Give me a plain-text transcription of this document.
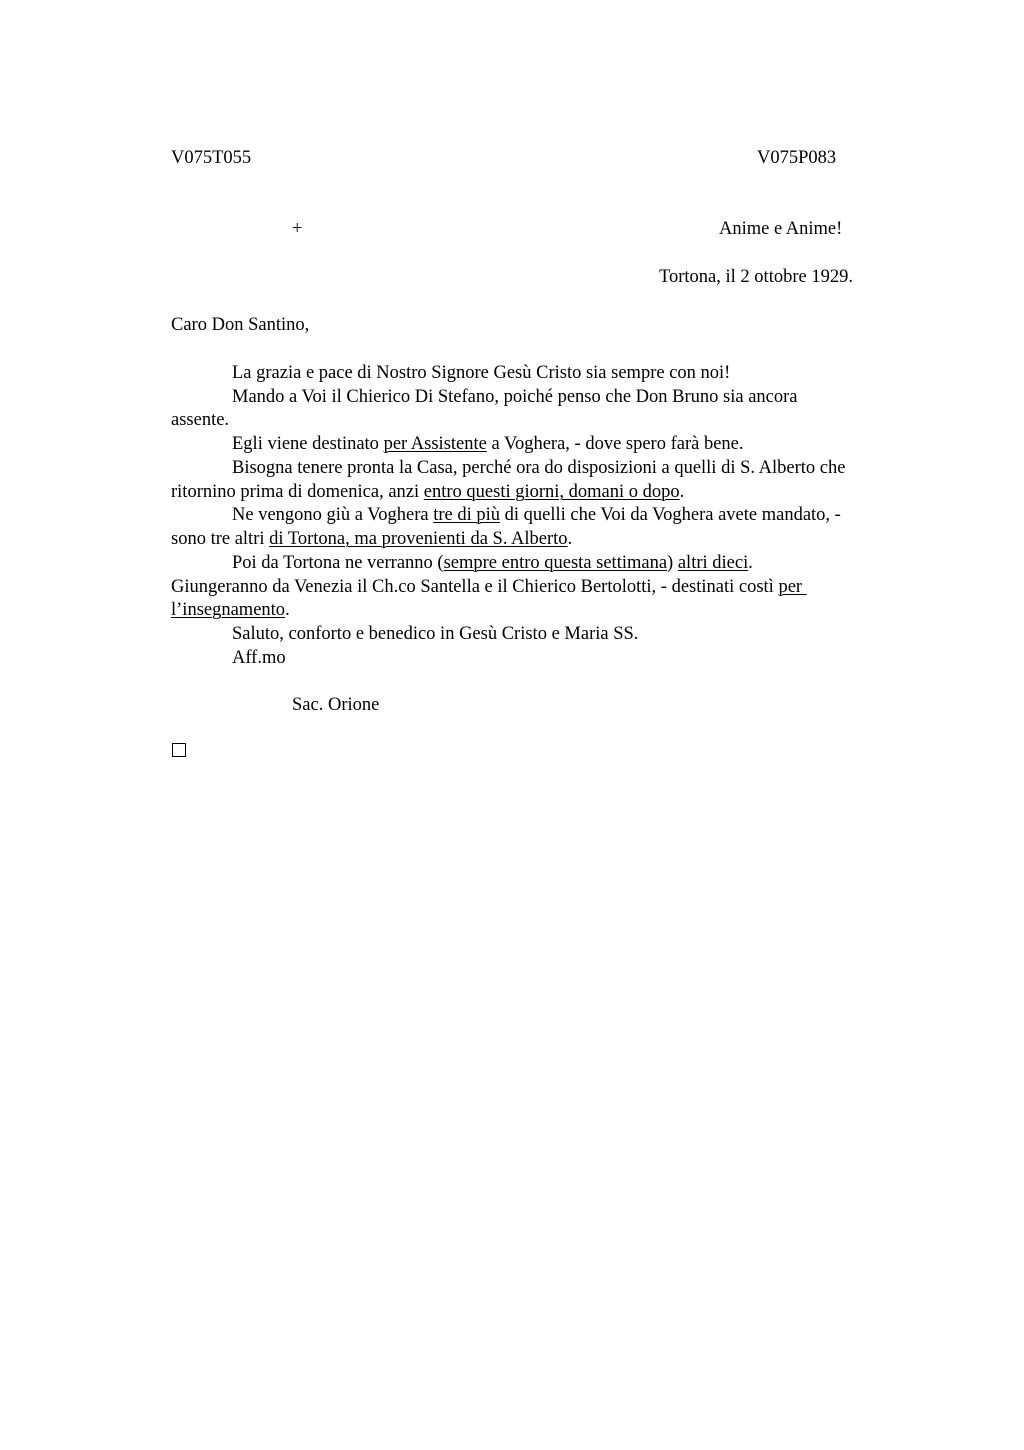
V075T055	V075P083
+	Anime e Anime!
Tortona, il 2 ottobre 1929.
Caro Don Santino,
La grazia e pace di Nostro Signore Gesù Cristo sia sempre con noi!
Mando a Voi il Chierico Di Stefano, poiché penso che Don Bruno sia ancora
assente.
Egli viene destinato per Assistente a Voghera, - dove spero farà bene.
Bisogna tenere pronta la Casa, perché ora do disposizioni a quelli di S. Alberto che
ritornino prima di domenica, anzi entro questi giorni, domani o dopo.
Ne vengono giù a Voghera tre di più di quelli che Voi da Voghera avete mandato, -
sono tre altri di Tortona, ma provenienti da S. Alberto.
Poi da Tortona ne verranno (sempre entro questa settimana) altri dieci.
Giungeranno da Venezia il Ch.co Santella e il Chierico Bertolotti, - destinati costì per
l’insegnamento.
Saluto, conforto e benedico in Gesù Cristo e Maria SS.
Aff.mo
Sac. Orione
